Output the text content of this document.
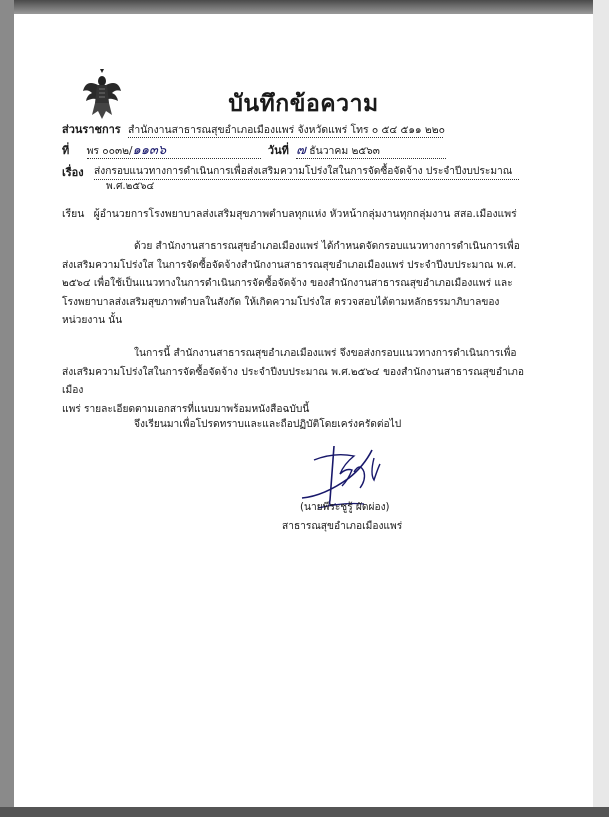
บันทึกข้อความ
ส่วนราชการ สำนักงานสาธารณสุขอำเภอเมืองแพร่ จังหวัดแพร่ โทร ๐ ๕๔ ๕๑๑ ๒๒๐
ที่ พร ๐๐๓๒/๑๑๓๖	วันที่ ๗ ธันวาคม ๒๕๖๓
เรื่อง ส่งกรอบแนวทางการดำเนินการเพื่อส่งเสริมความโปร่งใสในการจัดซื้อจัดจ้าง ประจำปีงบประมาณ
พ.ศ.๒๕๖๔
เรียน ผู้อำนวยการโรงพยาบาลส่งเสริมสุขภาพตำบลทุกแห่ง หัวหน้ากลุ่มงานทุกกลุ่มงาน สสอ.เมืองแพร่
ด้วย สำนักงานสาธารณสุขอำเภอเมืองแพร่ ได้กำหนดจัดกรอบแนวทางการดำเนินการเพื่อ
ส่งเสริมความโปร่งใส ในการจัดซื้อจัดจ้างสำนักงานสาธารณสุขอำเภอเมืองแพร่ ประจำปีงบประมาณ พ.ศ.
๒๕๖๔ เพื่อใช้เป็นแนวทางในการดำเนินการจัดซื้อจัดจ้าง ของสำนักงานสาธารณสุขอำเภอเมืองแพร่ และ
โรงพยาบาลส่งเสริมสุขภาพตำบลในสังกัด ให้เกิดความโปร่งใส ตรวจสอบได้ตามหลักธรรมาภิบาลของ
หน่วยงาน นั้น
ในการนี้ สำนักงานสาธารณสุขอำเภอเมืองแพร่ จึงขอส่งกรอบแนวทางการดำเนินการเพื่อ
ส่งเสริมความโปร่งใสในการจัดซื้อจัดจ้าง ประจำปีงบประมาณ พ.ศ.๒๕๖๔ ของสำนักงานสาธารณสุขอำเภอเมือง
แพร่ รายละเอียดตามเอกสารที่แนบมาพร้อมหนังสือฉบับนี้
จึงเรียนมาเพื่อโปรดทราบและและถือปฏิบัติโดยเคร่งครัดต่อไป
(นายพีระชูรู้ ผัดผ่อง)
สาธารณสุขอำเภอเมืองแพร่
